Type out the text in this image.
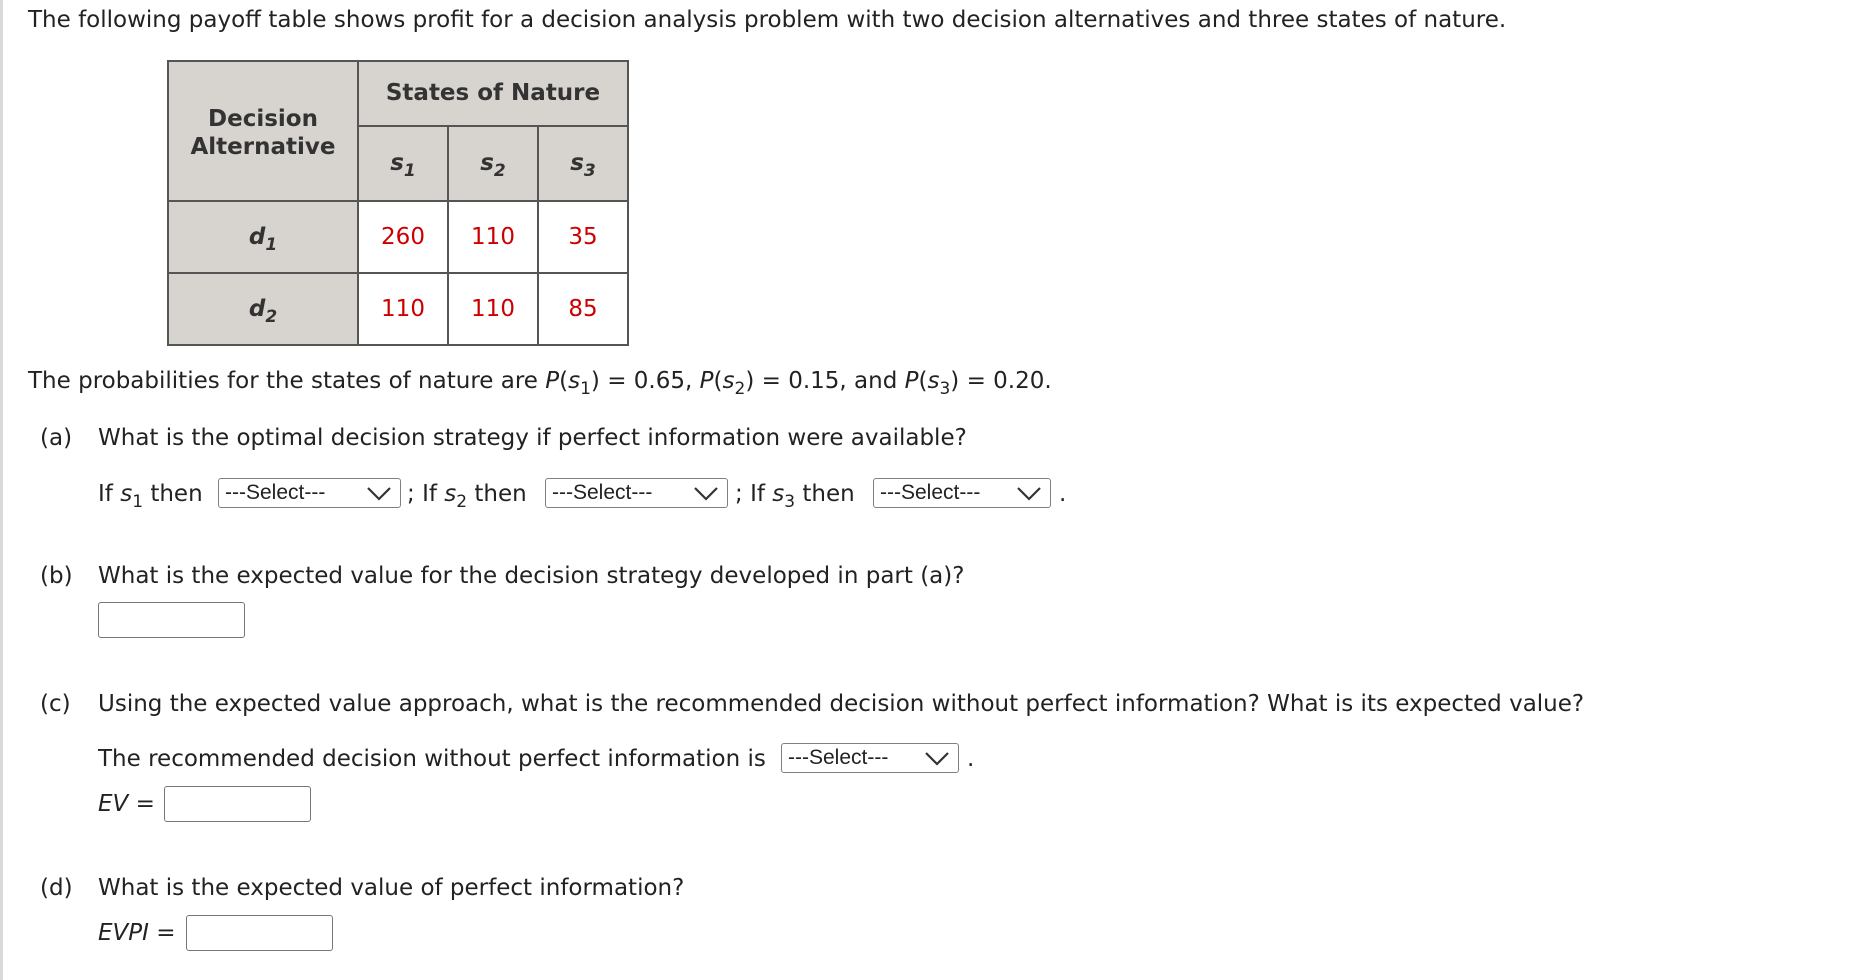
The following payoff table shows profit for a decision analysis problem with two decision alternatives and three states of nature.
Decision
Alternative	States of Nature		
	$s_1$	$s_2$	$s_3$
$d_1$	260	110	35
$d_2$	110	110	85
The probabilities for the states of nature are $P(s_1) = 0.65$, $P(s_2) = 0.15$, and $P(s_3) = 0.20$.
(a) What is the optimal decision strategy if perfect information were available?
If $s_1$ then	---Select---	; If $s_2$ then	---Select---	; If $s_3$ then	---Select---	.
(b) What is the expected value for the decision strategy developed in part (a)?
(c) Using the expected value approach, what is the recommended decision without perfect information? What is its expected value?
The recommended decision without perfect information is	---Select---	.
EV =
(d) What is the expected value of perfect information?
EVPI =
